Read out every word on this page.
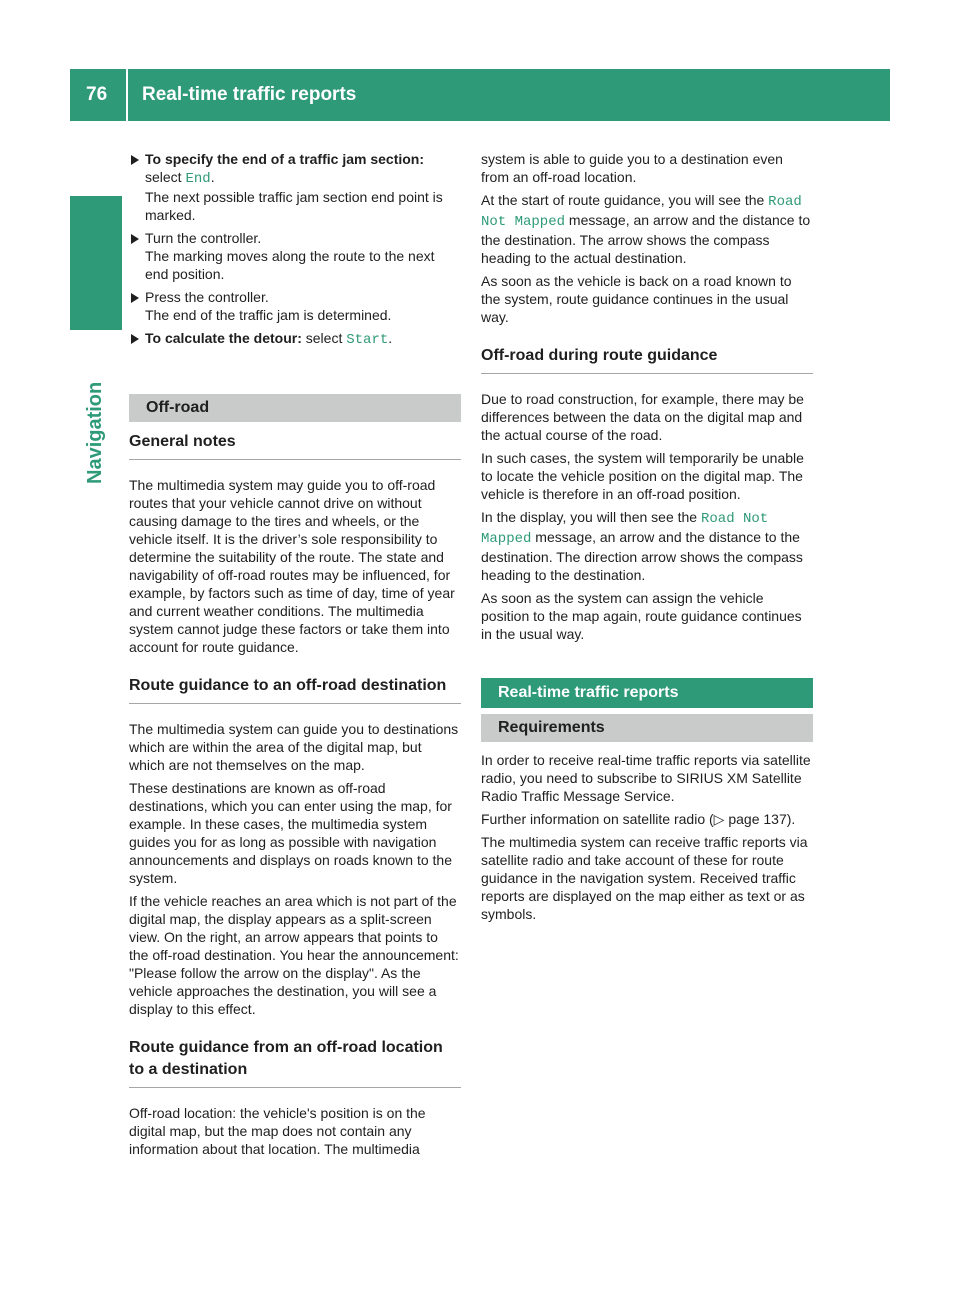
76	Real-time traffic reports
Navigation
To specify the end of a traffic jam section:
select End.
The next possible traffic jam section end point is marked.
Turn the controller.
The marking moves along the route to the next end position.
Press the controller.
The end of the traffic jam is determined.
To calculate the detour: select Start.
Off-road
General notes

The multimedia system may guide you to off-road routes that your vehicle cannot drive on without causing damage to the tires and wheels, or the vehicle itself. It is the driver’s sole responsibility to determine the suitability of the route. The state and navigability of off-road routes may be influenced, for example, by factors such as time of day, time of year and current weather conditions. The multimedia system cannot judge these factors or take them into account for route guidance.

Route guidance to an off-road destination

The multimedia system can guide you to destinations which are within the area of the digital map, but which are not themselves on the map.

These destinations are known as off-road destinations, which you can enter using the map, for example. In these cases, the multimedia system guides you for as long as possible with navigation announcements and displays on roads known to the system.

If the vehicle reaches an area which is not part of the digital map, the display appears as a split-screen view. On the right, an arrow appears that points to the off-road destination. You hear the announcement: "Please follow the arrow on the display". As the vehicle approaches the destination, you will see a display to this effect.

Route guidance from an off-road location to a destination

Off-road location: the vehicle's position is on the digital map, but the map does not contain any information about that location. The multimedia

system is able to guide you to a destination even from an off-road location.

At the start of route guidance, you will see the Road Not Mapped message, an arrow and the distance to the destination. The arrow shows the compass heading to the actual destination.

As soon as the vehicle is back on a road known to the system, route guidance continues in the usual way.

Off-road during route guidance

Due to road construction, for example, there may be differences between the data on the digital map and the actual course of the road.

In such cases, the system will temporarily be unable to locate the vehicle position on the digital map. The vehicle is therefore in an off-road position.

In the display, you will then see the Road Not Mapped message, an arrow and the distance to the destination. The direction arrow shows the compass heading to the destination.

As soon as the system can assign the vehicle position to the map again, route guidance continues in the usual way.

Real-time traffic reports
Requirements

In order to receive real-time traffic reports via satellite radio, you need to subscribe to SIRIUS XM Satellite Radio Traffic Message Service.

Further information on satellite radio (▷ page 137).

The multimedia system can receive traffic reports via satellite radio and take account of these for route guidance in the navigation system. Received traffic reports are displayed on the map either as text or as symbols.
